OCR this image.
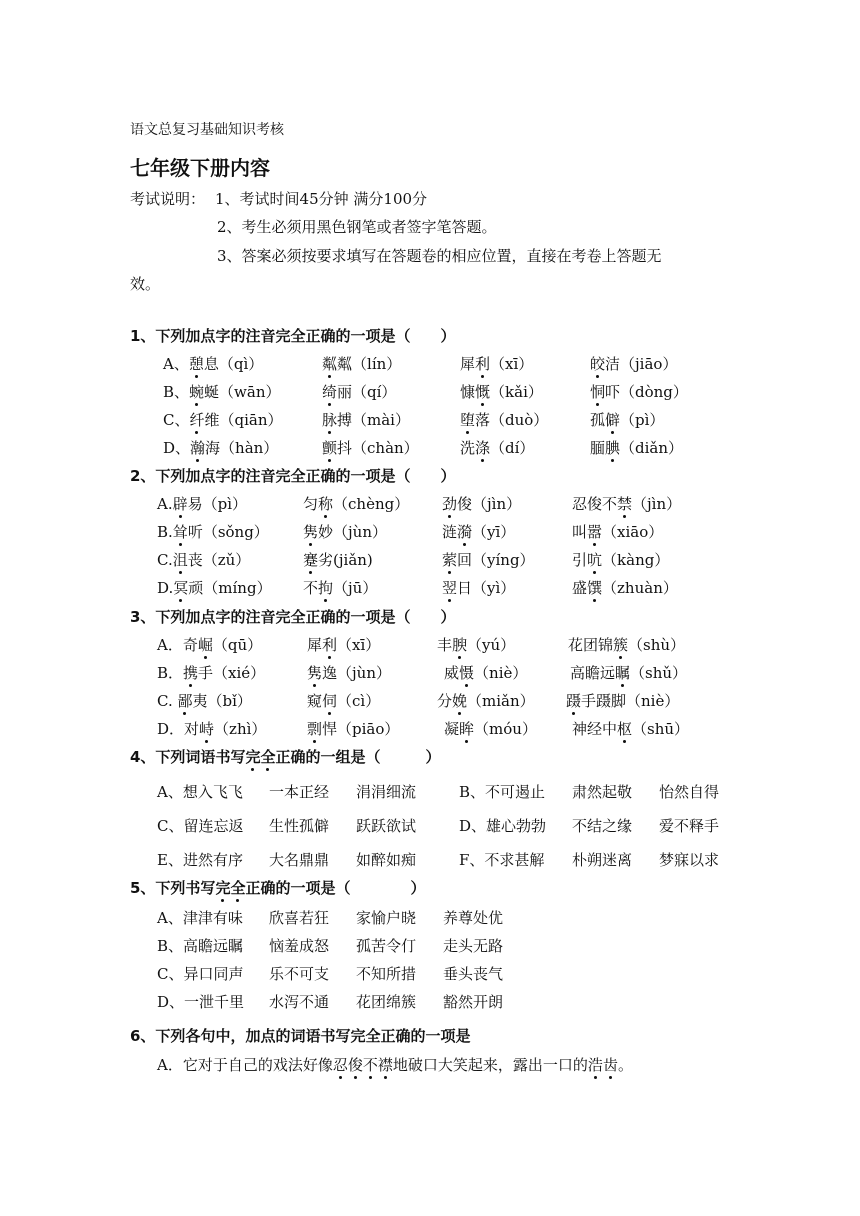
语文总复习基础知识考核
七年级下册内容
考试说明： 1、考试时间45分钟 满分100分
2、考生必须用黑色钢笔或者签字笔答题。
3、答案必须按要求填写在答题卷的相应位置，直接在考卷上答题无
效。
1、下列加点字的注音完全正确的一项是（　　）
A、憩息（qì）	粼粼（lín）	犀利（xī）	皎洁（jiāo）
B、蜿蜒（wān）	绮丽（qí）	慷慨（kǎi）	恫吓（dòng）
C、纤维（qiān）	脉搏（mài）	堕落（duò）	孤僻（pì）
D、瀚海（hàn）	颤抖（chàn）	洗涤（dí）	腼腆（diǎn）
2、下列加点字的注音完全正确的一项是（　　）
A.辟易（pì）	匀称（chèng） 劲俊（jìn）	忍俊不禁（jìn）
B.耸听（sǒng） 隽妙（jùn）	涟漪（yī）	叫嚣（xiāo）
C.沮丧（zǔ）	蹇劣(jiǎn)	萦回（yíng） 引吭（kàng）
D.冥顽（míng） 不拘（jū）	翌日（yì）	盛馔（zhuàn）
3、下列加点字的注音完全正确的一项是（　　）
A．奇崛（qū）	犀利（xī）	丰腴（yú）	花团锦簇（shù）
B．携手（xié）	隽逸（jùn）	威慑（niè）	高瞻远瞩（shǔ）
C. 鄙夷（bǐ）	窥伺（cì）	分娩（miǎn） 蹑手蹑脚（niè）
D．对峙（zhì）	剽悍（piāo）	凝眸（móu） 神经中枢（shū）
4、下列词语书写完全正确的一组是（　　　）
A、想入飞飞 一本正经 涓涓细流	B、不可遏止 肃然起敬 怡然自得
C、留连忘返 生性孤僻 跃跃欲试	D、雄心勃勃 不结之缘 爱不释手
E、进然有序 大名鼎鼎 如醉如痴	F、不求甚解 朴朔迷离 梦寐以求
5、下列书写完全正确的一项是（　　　　）
A、津津有味 欣喜若狂 家愉户晓 养尊处优
B、高瞻远瞩 恼羞成怒 孤苦令仃 走头无路
C、异口同声 乐不可支 不知所措 垂头丧气
D、一泄千里 水泻不通 花团绵簇 豁然开朗
6、下列各句中，加点的词语书写完全正确的一项是
A．它对于自己的戏法好像忍俊不襟地破口大笑起来，露出一口的浩齿。
